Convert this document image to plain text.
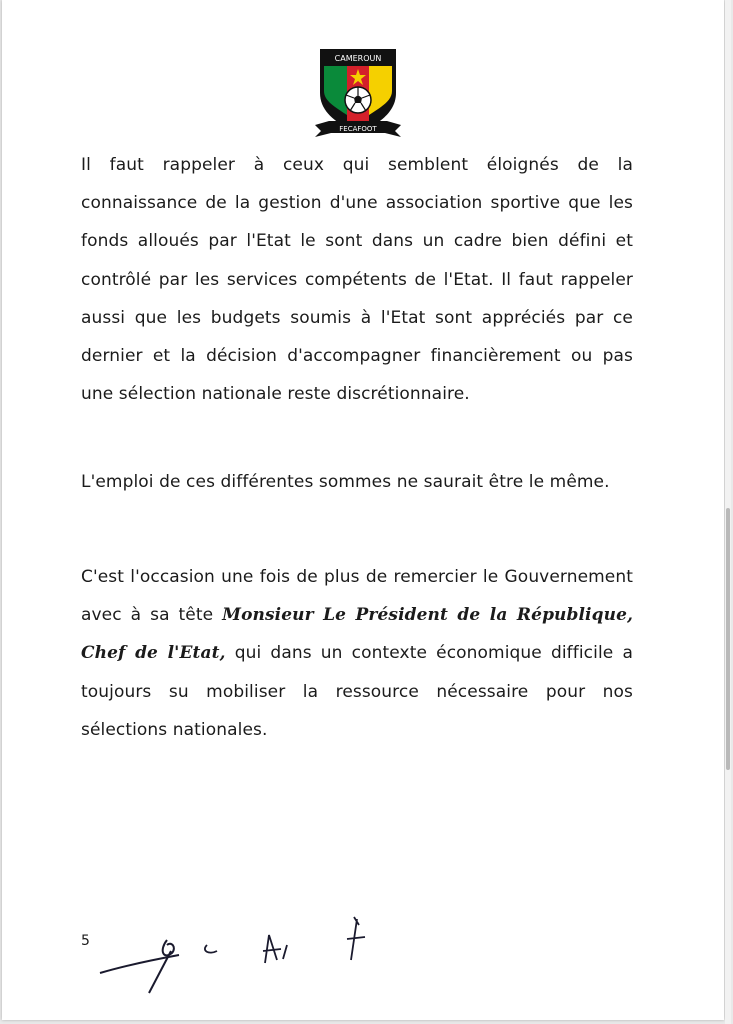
CAMEROUN
FECAFOOT
Il faut rappeler à ceux qui semblent éloignés de la connaissance de la gestion d'une association sportive que les fonds alloués par l'Etat le sont dans un cadre bien défini et contrôlé par les services compétents de l'Etat. Il faut rappeler aussi que les budgets soumis à l'Etat sont appréciés par ce dernier et la décision d'accompagner financièrement ou pas une sélection nationale reste discrétionnaire.
L'emploi de ces différentes sommes ne saurait être le même.
C'est l'occasion une fois de plus de remercier le Gouvernement avec à sa tête Monsieur Le Président de la République, Chef de l'Etat, qui dans un contexte économique difficile a toujours su mobiliser la ressource nécessaire pour nos sélections nationales.
5
